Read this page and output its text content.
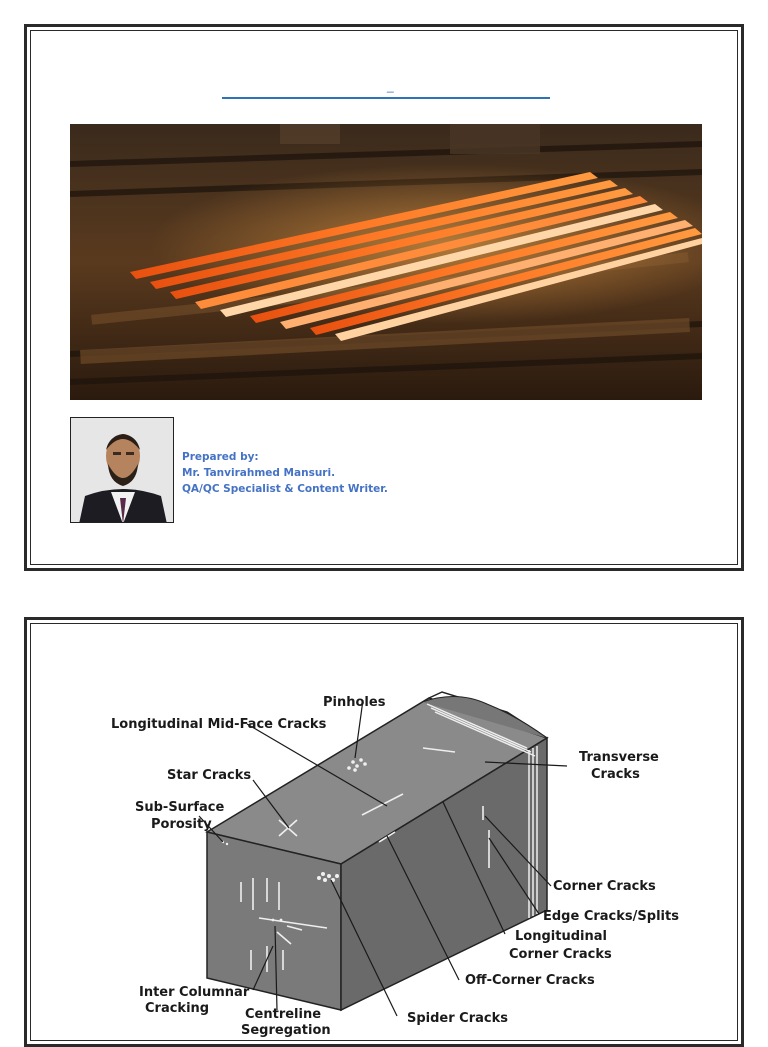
_
Prepared by:
Mr. Tanvirahmed Mansuri.
QA/QC Specialist & Content Writer.
Pinholes
Longitudinal Mid-Face Cracks
Transverse
Cracks
Star Cracks
Sub-Surface
Porosity
Corner Cracks
Edge Cracks/Splits
Longitudinal
Corner Cracks
Off-Corner Cracks
Inter Columnar
Cracking	Centreline
Segregation
Spider Cracks
